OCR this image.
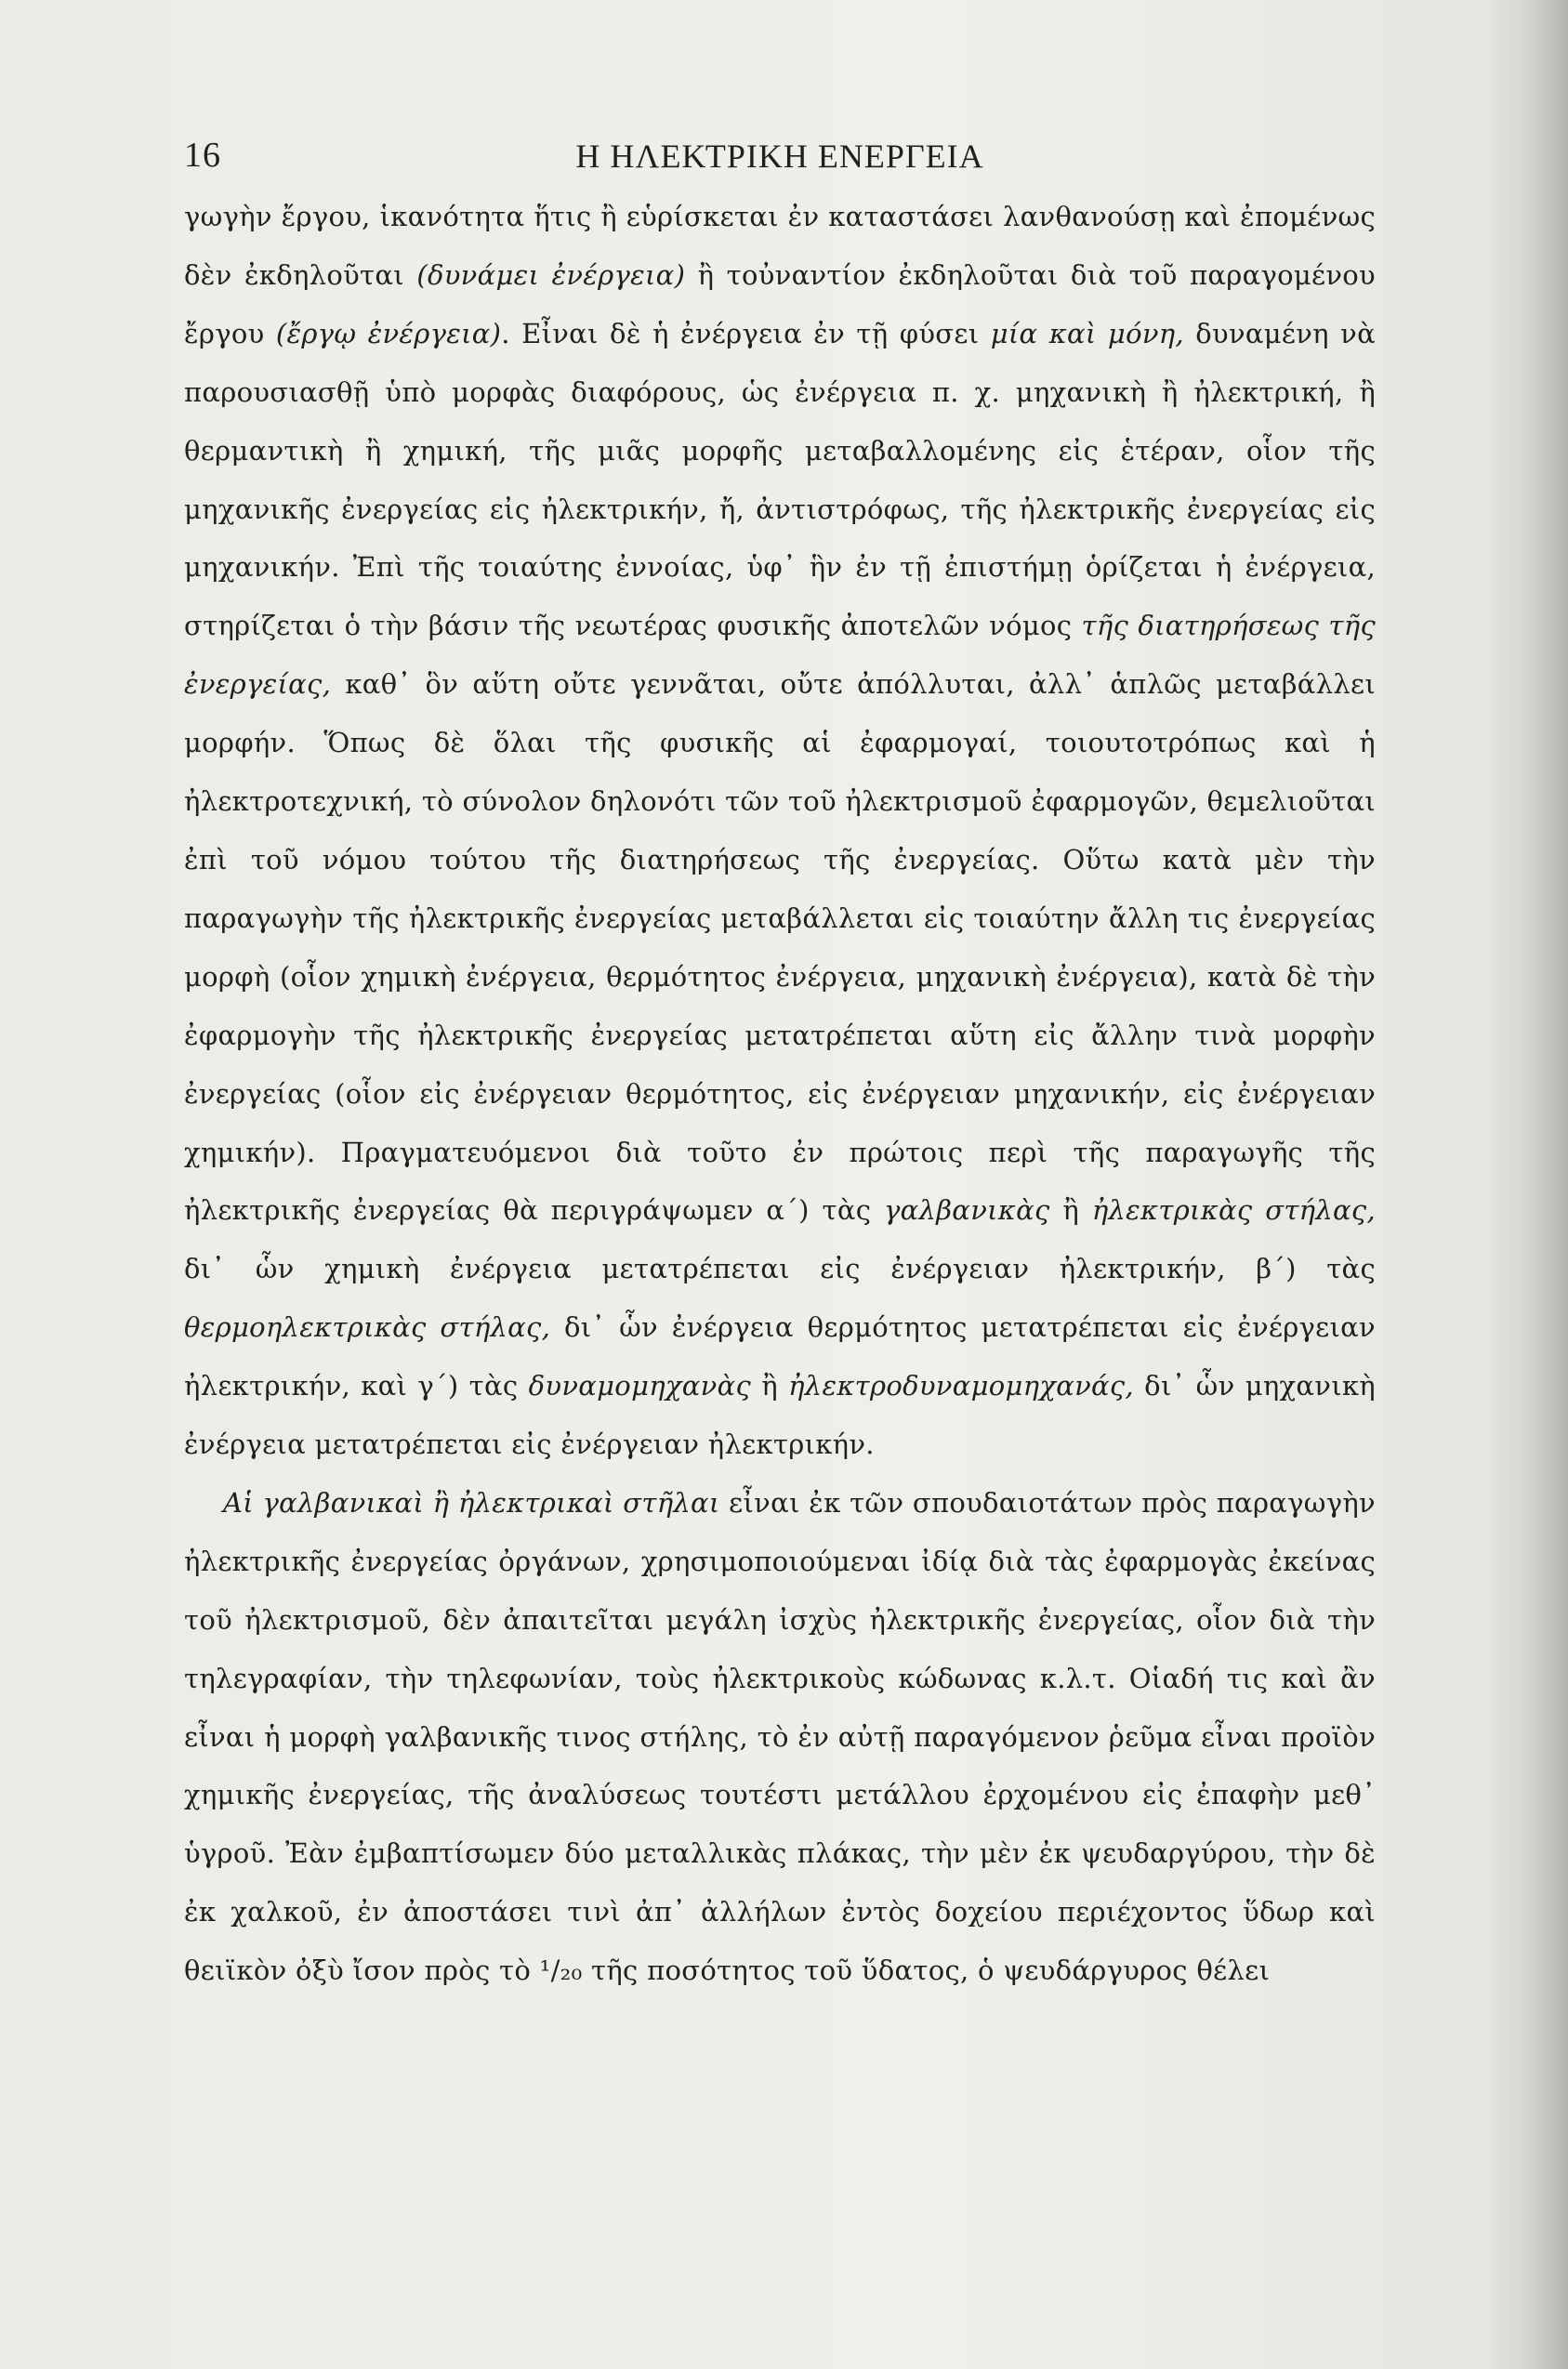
16	Η ΗΛΕΚΤΡΙΚΗ ΕΝΕΡΓΕΙΑ

γωγὴν ἔργου, ἱκανότητα ἥτις ἢ εὑρίσκεται ἐν καταστάσει λανθανούσῃ καὶ ἐπομένως δὲν ἐκδηλοῦται (δυνάμει ἐνέργεια) ἢ τοὐναντίον ἐκδηλοῦται διὰ τοῦ παραγομένου ἔργου (ἔργῳ ἐνέργεια). Εἶναι δὲ ἡ ἐνέργεια ἐν τῇ φύσει μία καὶ μόνη, δυναμένη νὰ παρουσιασθῇ ὑπὸ μορφὰς διαφόρους, ὡς ἐνέργεια π. χ. μηχανικὴ ἢ ἠλεκτρική, ἢ θερμαντικὴ ἢ χημική, τῆς μιᾶς μορφῆς μεταβαλλομένης εἰς ἑτέραν, οἷον τῆς μηχανικῆς ἐνεργείας εἰς ἠλεκτρικήν, ἤ, ἀντιστρόφως, τῆς ἠλεκτρικῆς ἐνεργείας εἰς μηχανικήν. Ἐπὶ τῆς τοιαύτης ἐννοίας, ὑφ᾽ ἣν ἐν τῇ ἐπιστήμῃ ὁρίζεται ἡ ἐνέργεια, στηρίζεται ὁ τὴν βάσιν τῆς νεωτέρας φυσικῆς ἀποτελῶν νόμος τῆς διατηρήσεως τῆς ἐνεργείας, καθ᾽ ὃν αὕτη οὔτε γεννᾶται, οὔτε ἀπόλλυται, ἀλλ᾽ ἁπλῶς μεταβάλλει μορφήν. Ὅπως δὲ ὅλαι τῆς φυσικῆς αἱ ἐφαρμογαί, τοιουτοτρόπως καὶ ἡ ἠλεκτροτεχνική, τὸ σύνολον δηλονότι τῶν τοῦ ἠλεκτρισμοῦ ἐφαρμογῶν, θεμελιοῦται ἐπὶ τοῦ νόμου τούτου τῆς διατηρήσεως τῆς ἐνεργείας. Οὕτω κατὰ μὲν τὴν παραγωγὴν τῆς ἠλεκτρικῆς ἐνεργείας μεταβάλλεται εἰς τοιαύτην ἄλλη τις ἐνεργείας μορφὴ (οἷον χημικὴ ἐνέργεια, θερμότητος ἐνέργεια, μηχανικὴ ἐνέργεια), κατὰ δὲ τὴν ἐφαρμογὴν τῆς ἠλεκτρικῆς ἐνεργείας μετατρέπεται αὕτη εἰς ἄλλην τινὰ μορφὴν ἐνεργείας (οἷον εἰς ἐνέργειαν θερμότητος, εἰς ἐνέργειαν μηχανικήν, εἰς ἐνέργειαν χημικήν). Πραγματευόμενοι διὰ τοῦτο ἐν πρώτοις περὶ τῆς παραγωγῆς τῆς ἠλεκτρικῆς ἐνεργείας θὰ περιγράψωμεν α´) τὰς γαλβανικὰς ἢ ἠλεκτρικὰς στήλας, δι᾽ ὧν χημικὴ ἐνέργεια μετατρέπεται εἰς ἐνέργειαν ἠλεκτρικήν, β´) τὰς θερμοηλεκτρικὰς στήλας, δι᾽ ὧν ἐνέργεια θερμότητος μετατρέπεται εἰς ἐνέργειαν ἠλεκτρικήν, καὶ γ´) τὰς δυναμομηχανὰς ἢ ἠλεκτροδυναμομηχανάς, δι᾽ ὧν μηχανικὴ ἐνέργεια μετατρέπεται εἰς ἐνέργειαν ἠλεκτρικήν.

Αἱ γαλβανικαὶ ἢ ἠλεκτρικαὶ στῆλαι εἶναι ἐκ τῶν σπουδαιοτάτων πρὸς παραγωγὴν ἠλεκτρικῆς ἐνεργείας ὀργάνων, χρησιμοποιούμεναι ἰδίᾳ διὰ τὰς ἐφαρμογὰς ἐκείνας τοῦ ἠλεκτρισμοῦ, δὲν ἀπαιτεῖται μεγάλη ἰσχὺς ἠλεκτρικῆς ἐνεργείας, οἷον διὰ τὴν τηλεγραφίαν, τὴν τηλεφωνίαν, τοὺς ἠλεκτρικοὺς κώδωνας κ.λ.τ. Οἱαδή τις καὶ ἂν εἶναι ἡ μορφὴ γαλβανικῆς τινος στήλης, τὸ ἐν αὐτῇ παραγόμενον ῥεῦμα εἶναι προϊὸν χημικῆς ἐνεργείας, τῆς ἀναλύσεως τουτέστι μετάλλου ἐρχομένου εἰς ἐπαφὴν μεθ᾽ ὑγροῦ. Ἐὰν ἐμβαπτίσωμεν δύο μεταλλικὰς πλάκας, τὴν μὲν ἐκ ψευδαργύρου, τὴν δὲ ἐκ χαλκοῦ, ἐν ἀποστάσει τινὶ ἀπ᾽ ἀλλήλων ἐντὸς δοχείου περιέχοντος ὕδωρ καὶ θειϊκὸν ὀξὺ ἴσον πρὸς τὸ ¹/₂₀ τῆς ποσότητος τοῦ ὕδατος, ὁ ψευδάργυρος θέλει
